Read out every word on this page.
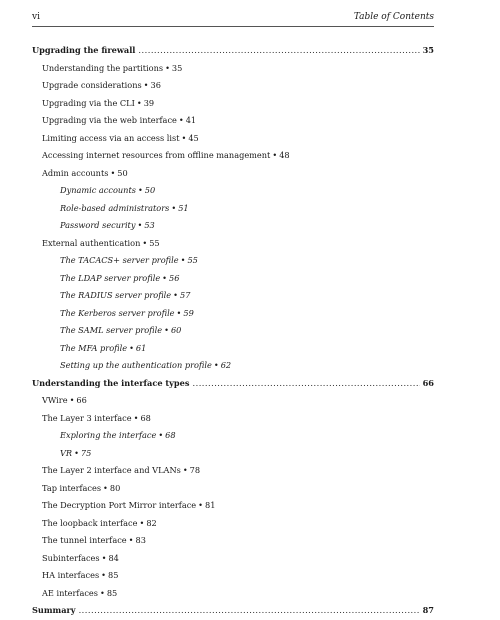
vi	Table of Contents
Upgrading the firewall .....	35
Understanding the partitions • 35
Upgrade considerations • 36
Upgrading via the CLI • 39
Upgrading via the web interface • 41
Limiting access via an access list • 45
Accessing internet resources from offline management • 48
Admin accounts • 50
Dynamic accounts • 50
Role-based administrators • 51
Password security • 53
External authentication • 55
The TACACS+ server profile • 55
The LDAP server profile • 56
The RADIUS server profile • 57
The Kerberos server profile • 59
The SAML server profile • 60
The MFA profile • 61
Setting up the authentication profile • 62
Understanding the interface types .....	66
VWire • 66
The Layer 3 interface • 68
Exploring the interface • 68
VR • 75
The Layer 2 interface and VLANs • 78
Tap interfaces • 80
The Decryption Port Mirror interface • 81
The loopback interface • 82
The tunnel interface • 83
Subinterfaces • 84
HA interfaces • 85
AE interfaces • 85
Summary .....	87
